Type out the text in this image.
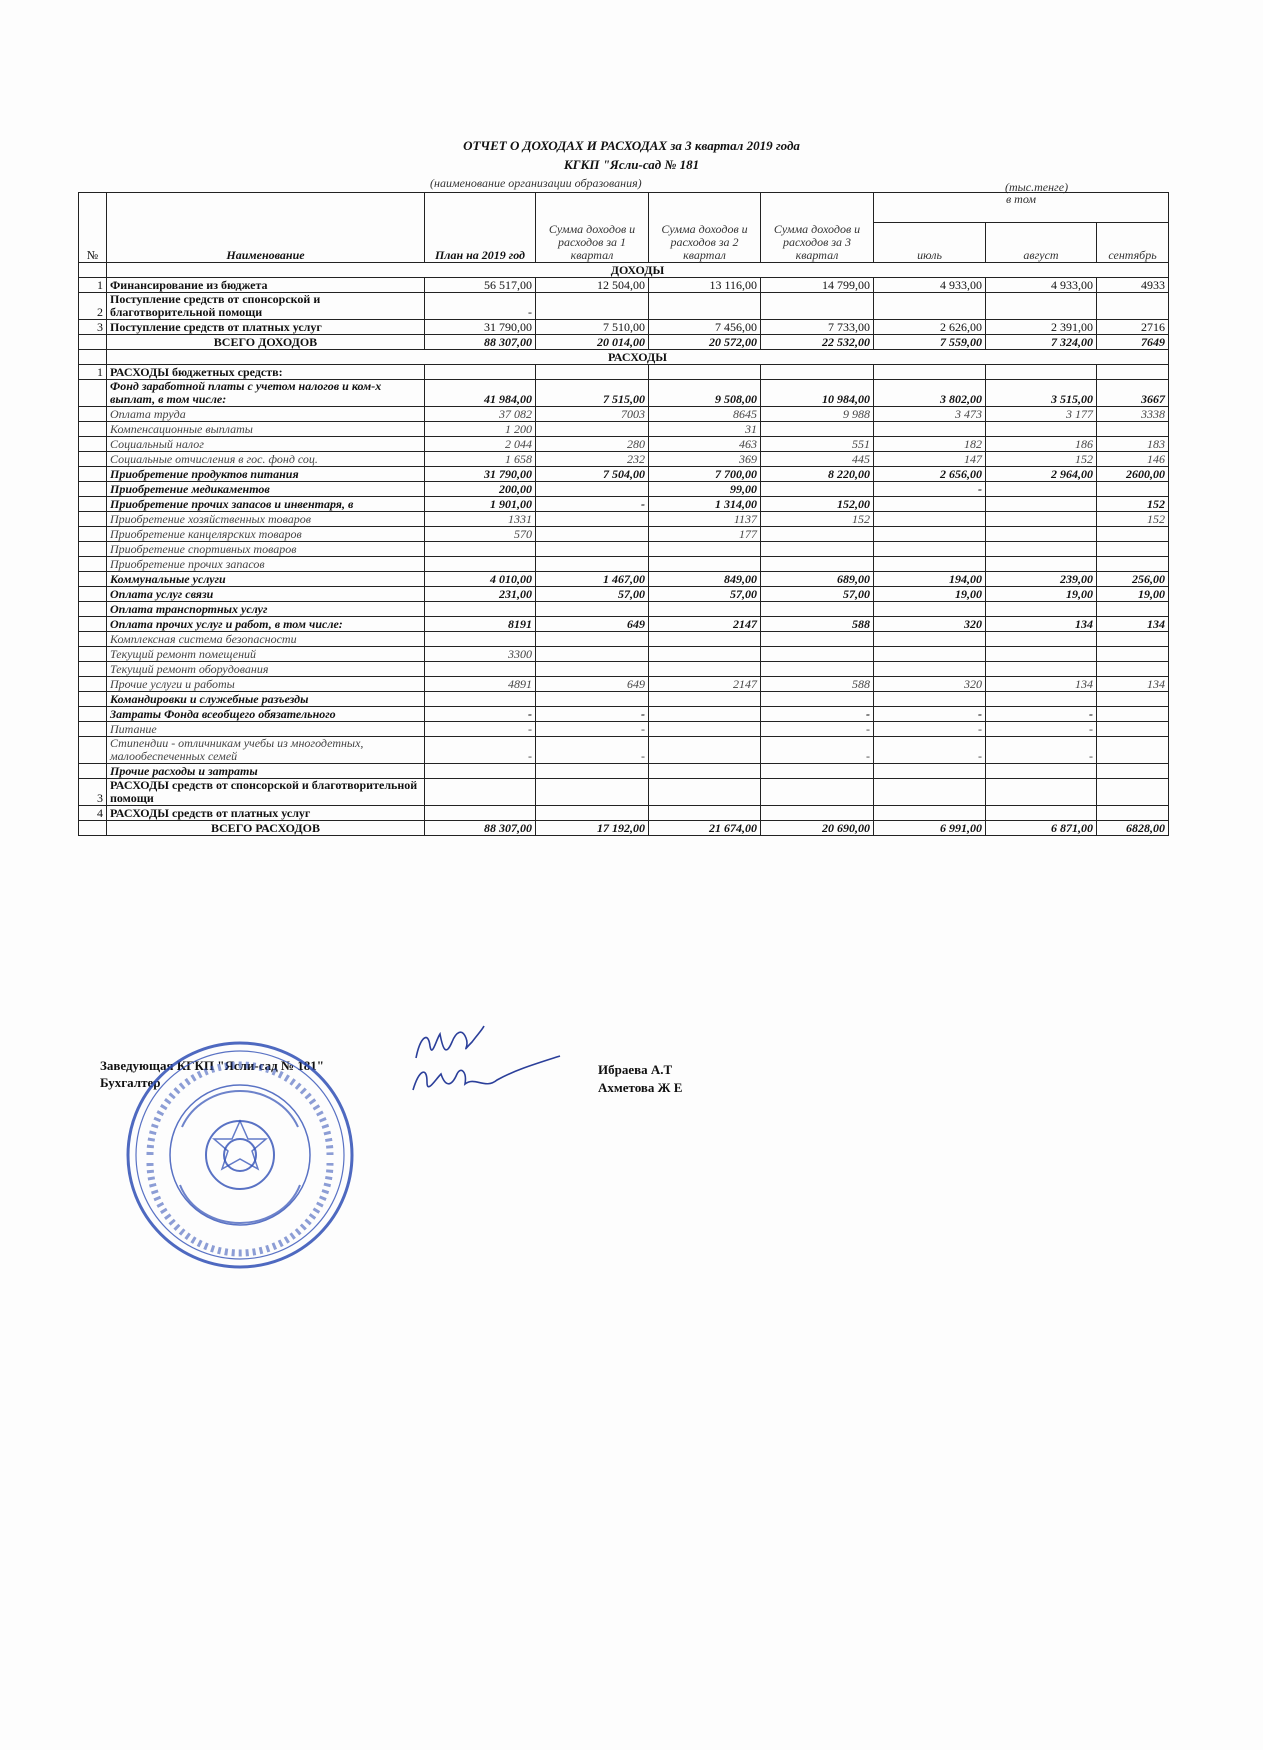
ОТЧЕТ О ДОХОДАХ И РАСХОДАХ за 3 квартал 2019 года
КГКП "Ясли-сад № 181
(наименование организации образования)	(тыс.тенге)
№	Наименование	План на 2019 год	Сумма доходов и расходов за 1 квартал	Сумма доходов и расходов за 2 квартал	Сумма доходов и расходов за 3 квартал	в том		
						июль	август	сентябрь
	ДОХОДЫ							
1	Финансирование из бюджета	56 517,00	12 504,00	13 116,00	14 799,00	4 933,00	4 933,00	4933
2	Поступление средств от спонсорской и благотворительной помощи	-						
3	Поступление средств от платных услуг	31 790,00	7 510,00	7 456,00	7 733,00	2 626,00	2 391,00	2716
	ВСЕГО ДОХОДОВ	88 307,00	20 014,00	20 572,00	22 532,00	7 559,00	7 324,00	7649
	РАСХОДЫ							
1	РАСХОДЫ бюджетных средств:							
	Фонд заработной платы с учетом налогов и ком-х выплат, в том числе:	41 984,00	7 515,00	9 508,00	10 984,00	3 802,00	3 515,00	3667
	Оплата труда	37 082	7003	8645	9 988	3 473	3 177	3338
	Компенсационные выплаты	1 200		31				
	Социальный налог	2 044	280	463	551	182	186	183
	Социальные отчисления в гос. фонд соц.	1 658	232	369	445	147	152	146
	Приобретение продуктов питания	31 790,00	7 504,00	7 700,00	8 220,00	2 656,00	2 964,00	2600,00
	Приобретение медикаментов	200,00		99,00		-		
	Приобретение прочих запасов и инвентаря, в	1 901,00	-	1 314,00	152,00			152
	Приобретение хозяйственных товаров	1331		1137	152			152
	Приобретение канцелярских товаров	570		177				
	Приобретение спортивных товаров							
	Приобретение прочих запасов							
	Коммунальные услуги	4 010,00	1 467,00	849,00	689,00	194,00	239,00	256,00
	Оплата услуг связи	231,00	57,00	57,00	57,00	19,00	19,00	19,00
	Оплата транспортных услуг							
	Оплата прочих услуг и работ, в том числе:	8191	649	2147	588	320	134	134
	Комплексная система безопасности							
	Текущий ремонт помещений	3300						
	Текущий ремонт оборудования							
	Прочие услуги и работы	4891	649	2147	588	320	134	134
	Командировки и служебные разъезды							
	Затраты Фонда всеобщего обязательного	-	-		-	-	-	
	Питание	-	-		-	-	-	
	Стипендии - отличникам учебы из многодетных, малообеспеченных семей	-	-		-	-	-	
	Прочие расходы и затраты							
3	РАСХОДЫ средств от спонсорской и благотворительной помощи							
4	РАСХОДЫ средств от платных услуг							
	ВСЕГО РАСХОДОВ	88 307,00	17 192,00	21 674,00	20 690,00	6 991,00	6 871,00	6828,00
Заведующая КГКП "Ясли-сад № 181"
Бухгалтер
Ибраева А.Т
Ахметова Ж Е
